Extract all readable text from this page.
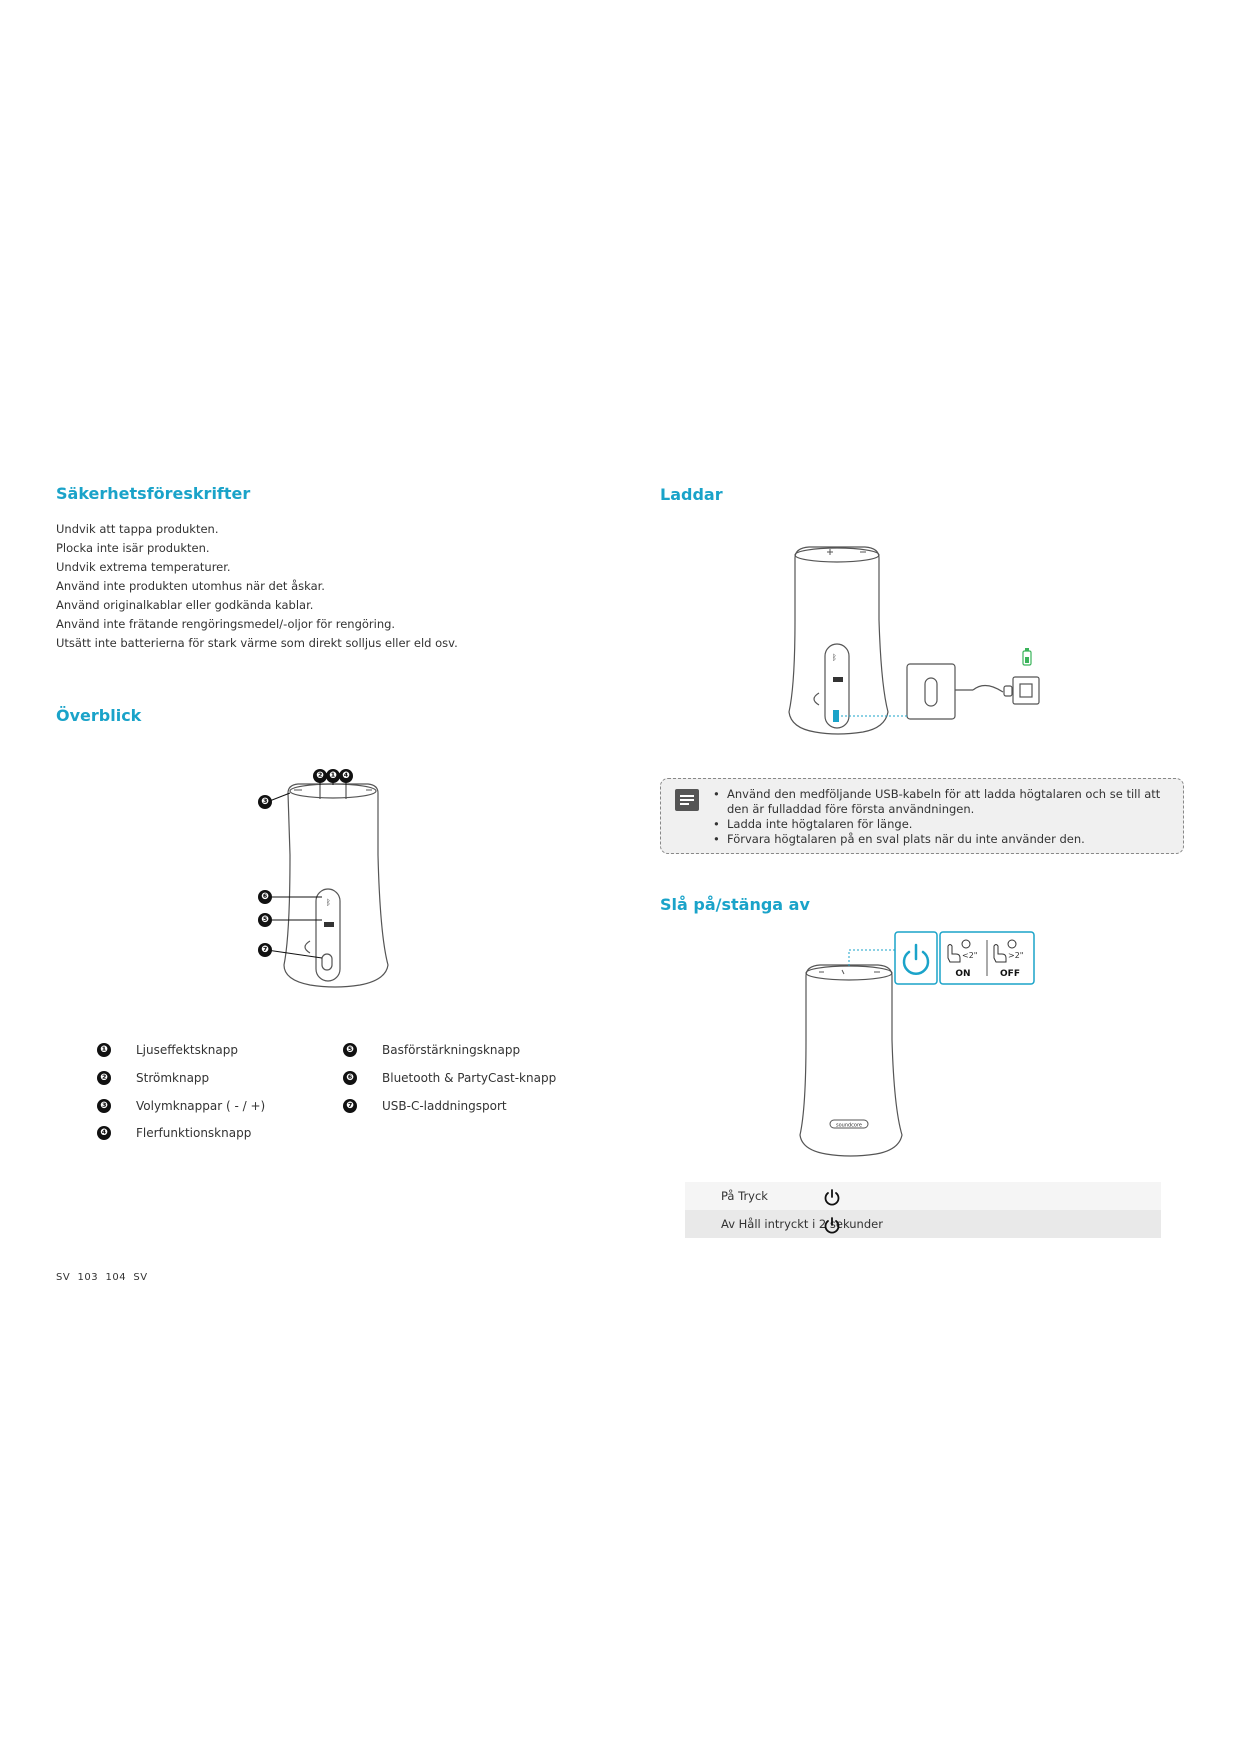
Säkerhetsföreskrifter
Undvik att tappa produkten.
Plocka inte isär produkten.
Undvik extrema temperaturer.
Använd inte produkten utomhus när det åskar.
Använd originalkablar eller godkända kablar.
Använd inte frätande rengöringsmedel/-oljor för rengöring.
Utsätt inte batterierna för stark värme som direkt solljus eller eld osv.
Överblick
ᛒ
❷ ❶ ❹
❸
❻
❺
❼
❶ Ljuseffektsknapp
❷ Strömknapp
❸ Volymknappar ( - / +)
❹ Flerfunktionsknapp
❺ Basförstärkningsknapp
❻ Bluetooth & PartyCast-knapp
❼ USB-C-laddningsport
SV  103  104  SV
Laddar
ᛒ
• Använd den medföljande USB-kabeln för att ladda högtalaren och se till att den är fulladdad före första användningen.
• Ladda inte högtalaren för länge.
• Förvara högtalaren på en sval plats när du inte använder den.
Slå på/stänga av
soundcore
<2"	>2"
ON	OFF
På Tryck
Av Håll intryckt i 2 sekunder
